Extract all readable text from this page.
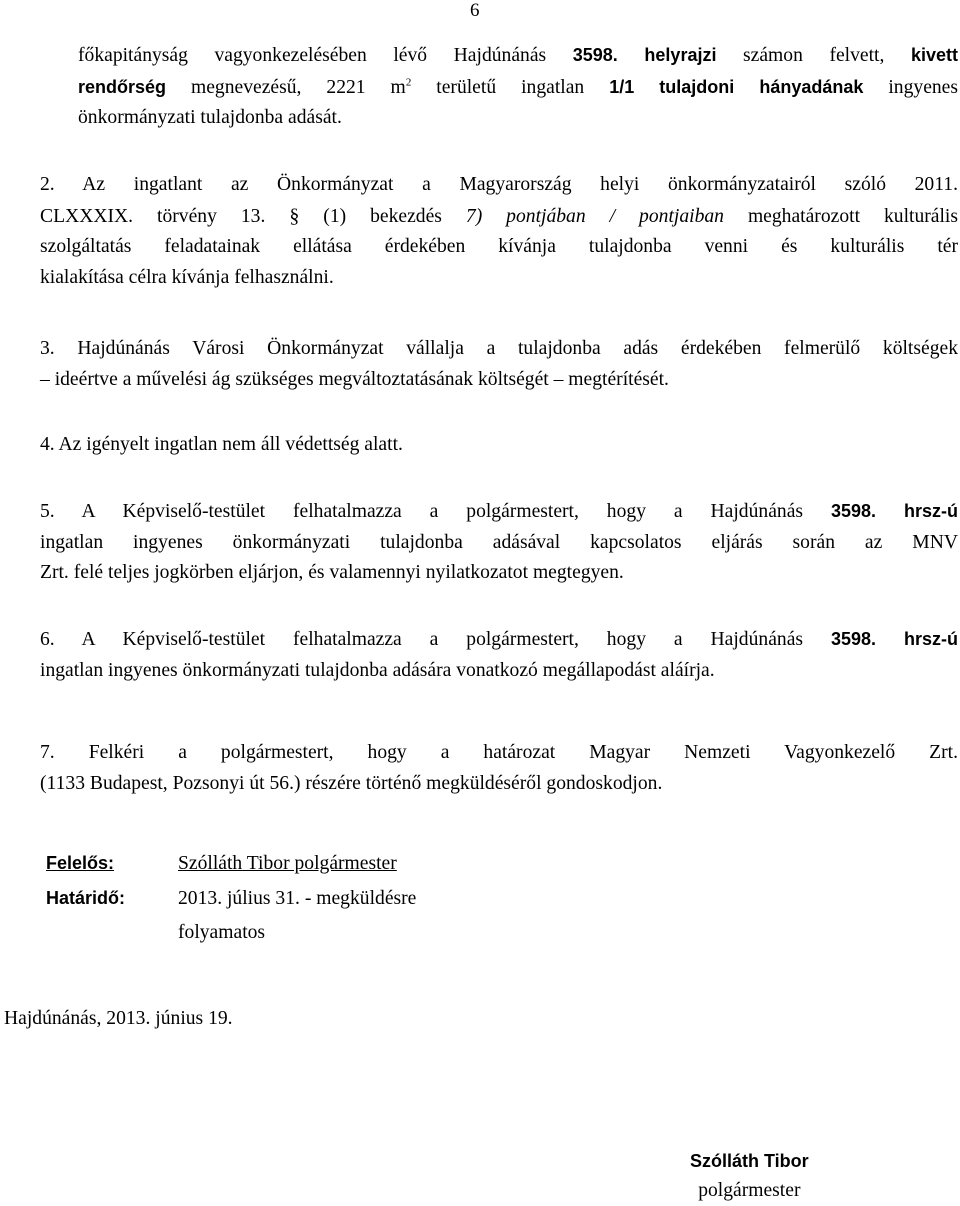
6
főkapitányság vagyonkezelésében lévő Hajdúnánás 3598. helyrajzi számon felvett, kivett
rendőrség megnevezésű, 2221 $m^2$ területű ingatlan 1/1 tulajdoni hányadának ingyenes
önkormányzati tulajdonba adását.
2. Az ingatlant az Önkormányzat a Magyarország helyi önkormányzatairól szóló 2011.
CLXXXIX. törvény 13. § (1) bekezdés 7) pontjában / pontjaiban meghatározott kulturális
szolgáltatás feladatainak ellátása érdekében kívánja tulajdonba venni és kulturális tér
kialakítása célra kívánja felhasználni.
3. Hajdúnánás Városi Önkormányzat vállalja a tulajdonba adás érdekében felmerülő költségek
– ideértve a művelési ág szükséges megváltoztatásának költségét – megtérítését.
4. Az igényelt ingatlan nem áll védettség alatt.
5. A Képviselő-testület felhatalmazza a polgármestert, hogy a Hajdúnánás 3598. hrsz-ú
ingatlan ingyenes önkormányzati tulajdonba adásával kapcsolatos eljárás során az MNV
Zrt. felé teljes jogkörben eljárjon, és valamennyi nyilatkozatot megtegyen.
6. A Képviselő-testület felhatalmazza a polgármestert, hogy a Hajdúnánás 3598. hrsz-ú
ingatlan ingyenes önkormányzati tulajdonba adására vonatkozó megállapodást aláírja.
7. Felkéri a polgármestert, hogy a határozat Magyar Nemzeti Vagyonkezelő Zrt.
(1133 Budapest, Pozsonyi út 56.) részére történő megküldéséről gondoskodjon.
Felelős:	Szólláth Tibor polgármester
Határidő:	2013. július 31. - megküldésre
folyamatos
Hajdúnánás, 2013. június 19.
Szólláth Tibor
polgármester
